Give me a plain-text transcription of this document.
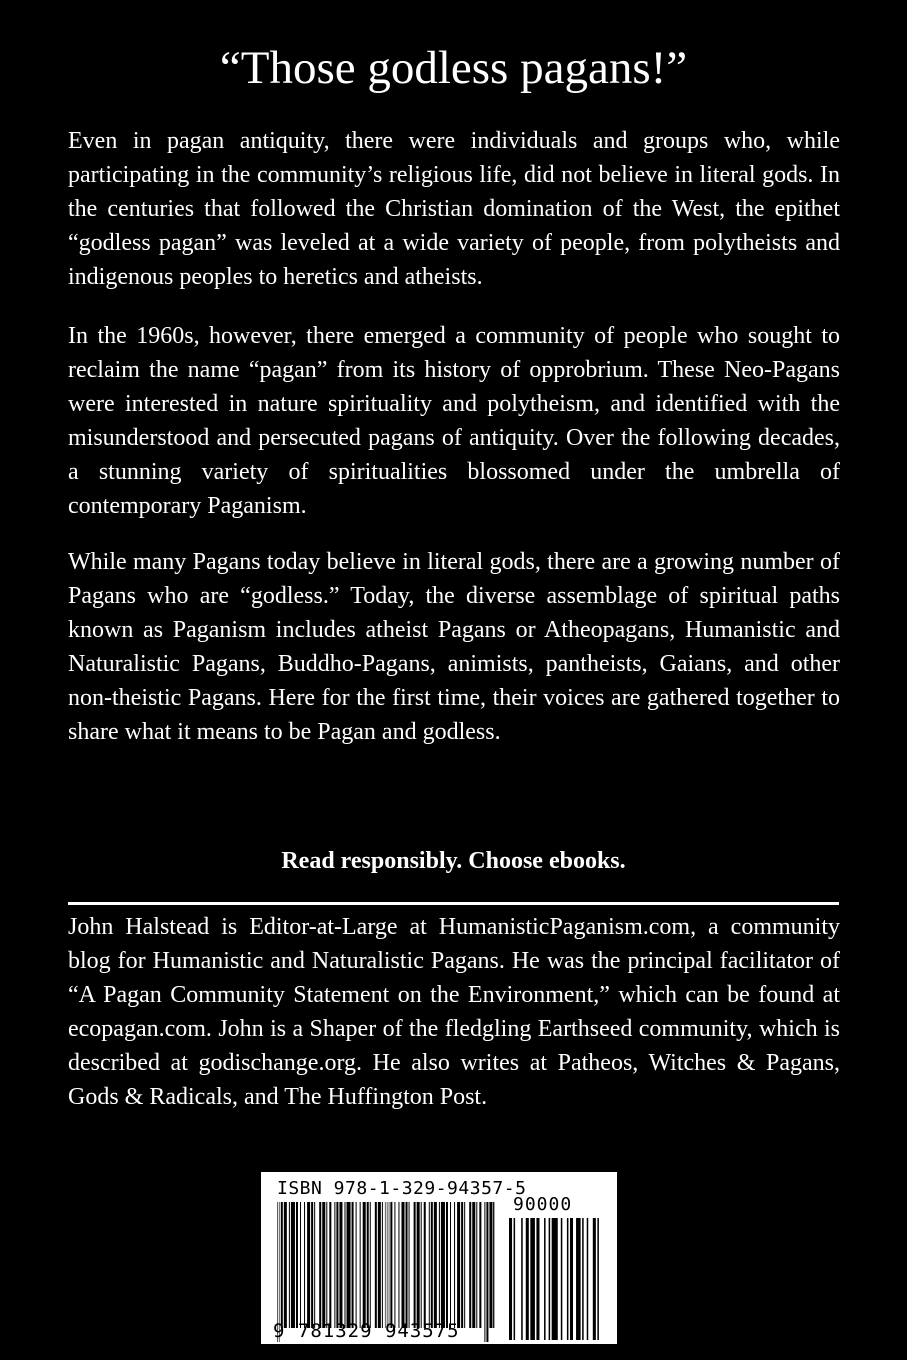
“Those godless pagans!”

Even in pagan antiquity, there were individuals and groups who, while participating in the community’s religious life, did not believe in literal gods. In the centuries that followed the Christian domination of the West, the epithet “godless pagan” was leveled at a wide variety of people, from polytheists and indigenous peoples to heretics and atheists.

In the 1960s, however, there emerged a community of people who sought to reclaim the name “pagan” from its history of opprobrium. These Neo-Pagans were interested in nature spirituality and polytheism, and identified with the misunderstood and persecuted pagans of antiquity. Over the following decades, a stunning variety of spiritualities blossomed under the umbrella of contemporary Paganism.

While many Pagans today believe in literal gods, there are a growing number of Pagans who are “godless.” Today, the diverse assemblage of spiritual paths known as Paganism includes atheist Pagans or Atheopagans, Humanistic and Naturalistic Pagans, Buddho-Pagans, animists, pantheists, Gaians, and other non-theistic Pagans. Here for the first time, their voices are gathered together to share what it means to be Pagan and godless.

Read responsibly. Choose ebooks.

John Halstead is Editor-at-Large at HumanisticPaganism.com, a community blog for Humanistic and Naturalistic Pagans. He was the principal facilitator of “A Pagan Community Statement on the Environment,” which can be found at ecopagan.com. John is a Shaper of the fledgling Earthseed community, which is described at godischange.org. He also writes at Patheos, Witches & Pagans, Gods & Radicals, and The Huffington Post.

ISBN 978-1-329-94357-5
90000
9 781329 943575
